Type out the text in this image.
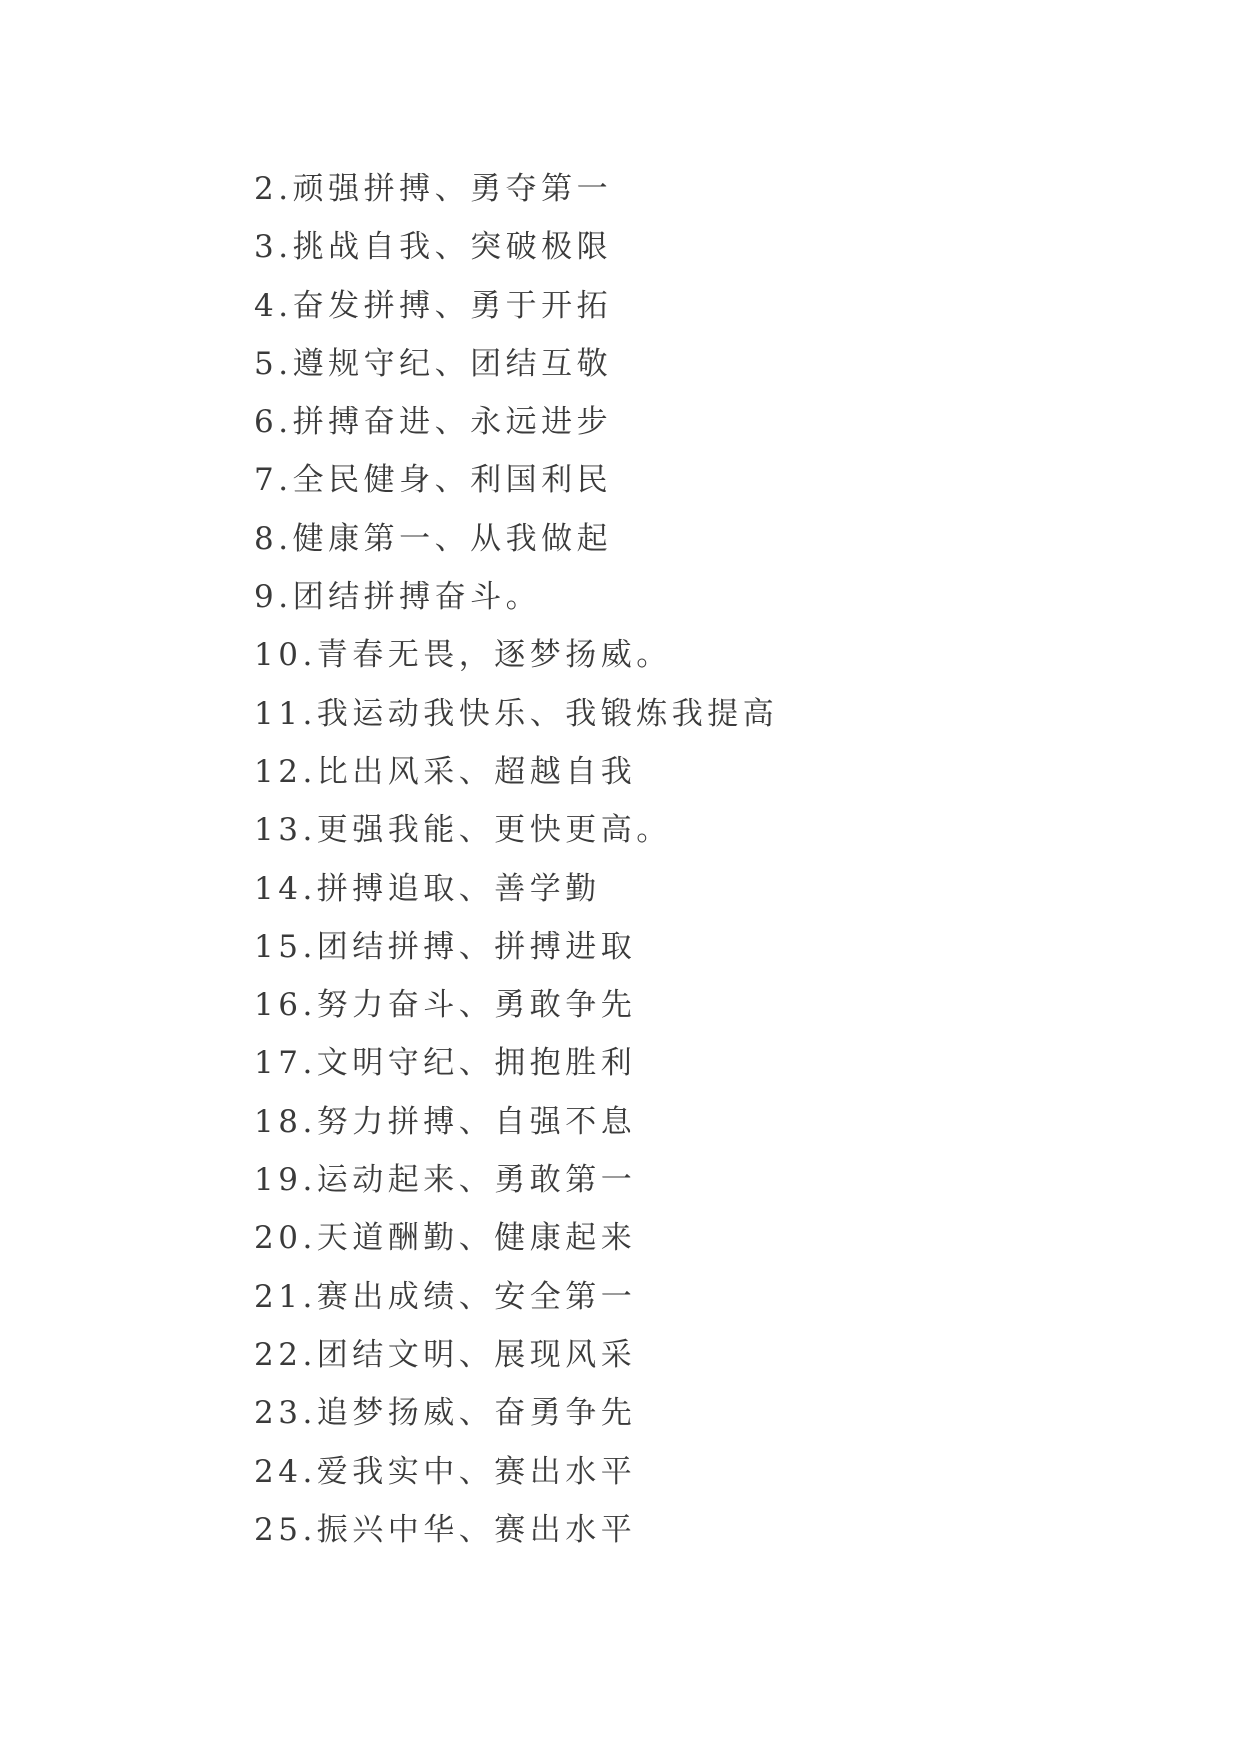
2.顽强拼搏、勇夺第一
3.挑战自我、突破极限
4.奋发拼搏、勇于开拓
5.遵规守纪、团结互敬
6.拼搏奋进、永远进步
7.全民健身、利国利民
8.健康第一、从我做起
9.团结拼搏奋斗。
10.青春无畏，逐梦扬威。
11.我运动我快乐、我锻炼我提高
12.比出风采、超越自我
13.更强我能、更快更高。
14.拼搏追取、善学勤
15.团结拼搏、拼搏进取
16.努力奋斗、勇敢争先
17.文明守纪、拥抱胜利
18.努力拼搏、自强不息
19.运动起来、勇敢第一
20.天道酬勤、健康起来
21.赛出成绩、安全第一
22.团结文明、展现风采
23.追梦扬威、奋勇争先
24.爱我实中、赛出水平
25.振兴中华、赛出水平
